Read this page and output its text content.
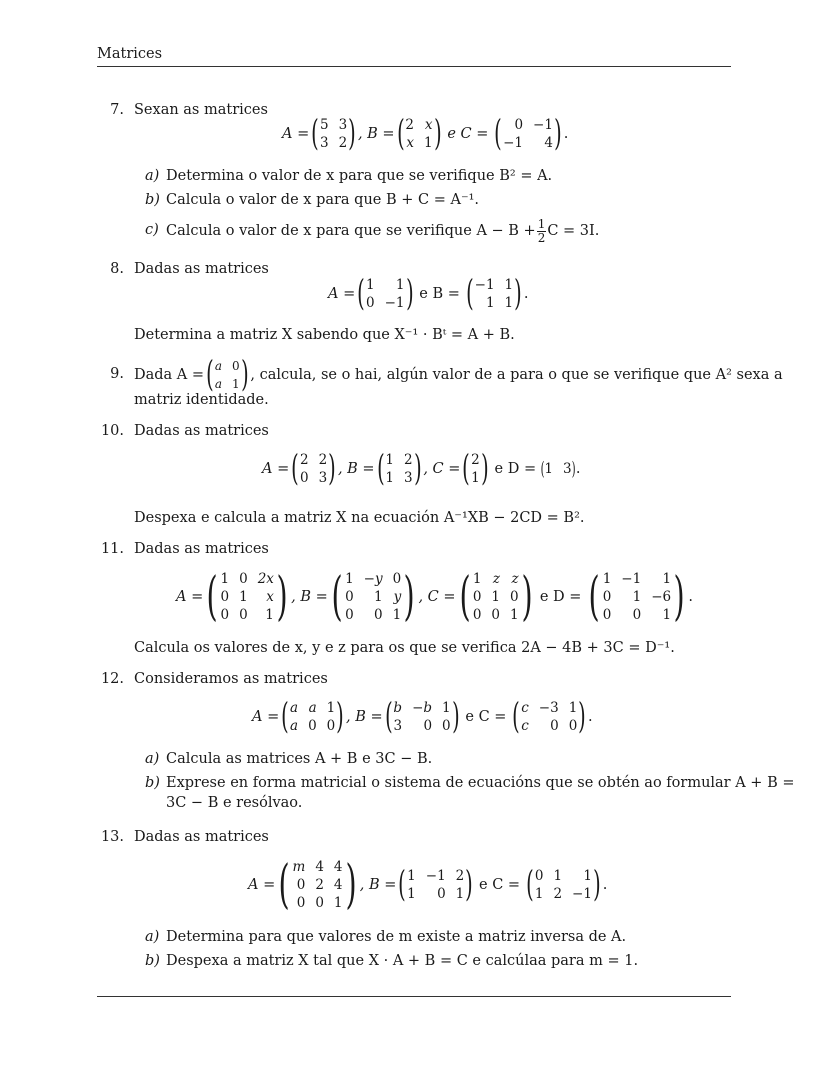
Matrices
7. Sexan as matrices
A = ( 5 3
3 2 ) , B = ( 2 x
x 1 ) e C = ( 0 −1
−1	4 ) .
a) Determina o valor de x para que se verifique B² = A.
b) Calcula o valor de x para que B + C = A⁻¹.
c) Calcula o valor de x para que se verifique $A - B + \frac{1}{2}$ C = 3I.
8. Dadas as matrices
A = ( 1	1
0 −1 ) e B = ( −1 1
1 1 ) .
Determina a matriz X sabendo que X⁻¹ · Bᵗ = A + B.
9. Dada A = ( a 0
a 1 ) , calcula, se o hai, algún valor de a para o que se verifique que A² sexa a
matriz identidade.
10. Dadas as matrices
A = ( 2 2
0 3 ) , B = ( 1 2
1 3 ) , C = ( 2
1 ) e D = ( 1 3 ) .
Despexa e calcula a matriz X na ecuación A⁻¹XB − 2CD = B².
11. Dadas as matrices
A = ( 1 0 2x
0 1	x
0 0	1 ) , B = ( 1 −y 0
0	1 y
0	0 1 ) , C = ( 1 z z
0 1 0
0 0 1 ) e D = ( 1 −1	1
0	1 −6
0	0	1 ) .
Calcula os valores de x, y e z para os que se verifica 2A − 4B + 3C = D⁻¹.
12. Consideramos as matrices
A = ( a a 1
a 0 0 ) , B = ( b −b 1
3	0 0 ) e C = ( c −3 1
c	0 0 ) .
a) Calcula as matrices A + B e 3C − B.
b) Exprese en forma matricial o sistema de ecuacións que se obtén ao formular A + B =
3C − B e resólvao.
13. Dadas as matrices
A = ( m 4 4
0 2 4
0 0 1 ) , B = ( 1 −1 2
1	0 1 ) e C = ( 0 1	1
1 2 −1 ) .
a) Determina para que valores de m existe a matriz inversa de A.
b) Despexa a matriz X tal que X · A + B = C e calcúlaa para m = 1.
